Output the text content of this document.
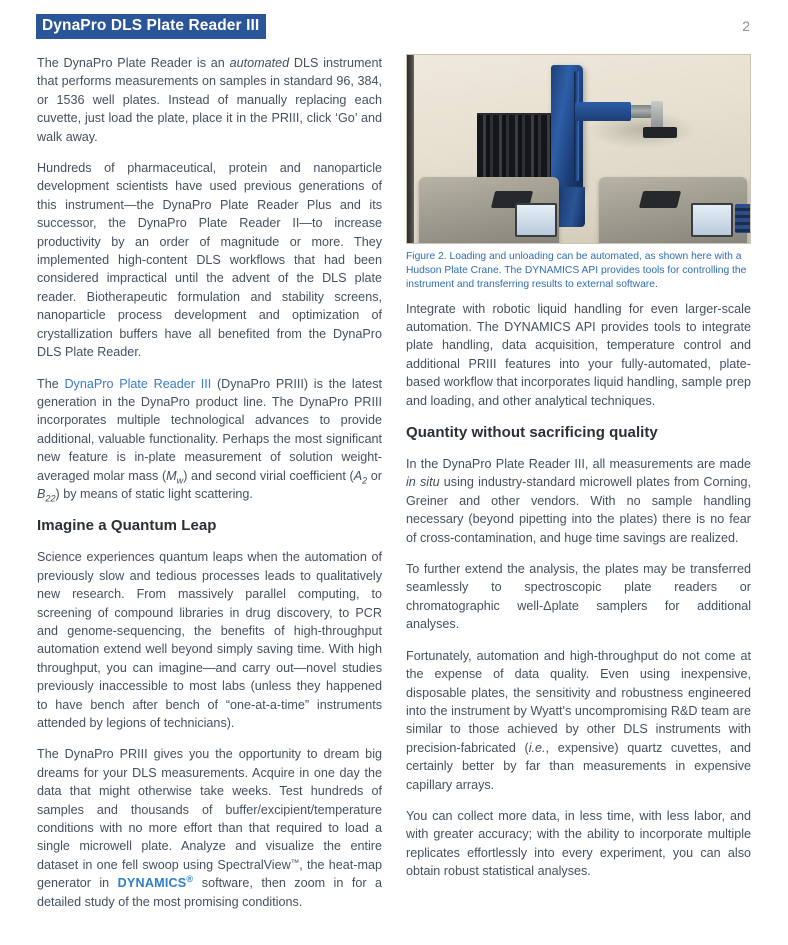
DynaPro DLS Plate Reader III	2

The DynaPro Plate Reader is an automated DLS instrument that performs measurements on samples in standard 96, 384, or 1536 well plates. Instead of manually replacing each cuvette, just load the plate, place it in the PRIII, click ‘Go’ and walk away.

Hundreds of pharmaceutical, protein and nanoparticle development scientists have used previous generations of this instrument—the DynaPro Plate Reader Plus and its successor, the DynaPro Plate Reader II—to increase productivity by an order of magnitude or more. They implemented high-content DLS workflows that had been considered impractical until the advent of the DLS plate reader. Biotherapeutic formulation and stability screens, nanoparticle process development and optimization of crystallization buffers have all benefited from the DynaPro DLS Plate Reader.

The DynaPro Plate Reader III (DynaPro PRIII) is the latest generation in the DynaPro product line. The DynaPro PRIII incorporates multiple technological advances to provide additional, valuable functionality. Perhaps the most significant new feature is in-plate measurement of solution weight-averaged molar mass $(M_w)$ and second virial coefficient ($A_2$ or $B_{22}$) by means of static light scattering.

Imagine a Quantum Leap

Science experiences quantum leaps when the automation of previously slow and tedious processes leads to qualitatively new research. From massively parallel computing, to screening of compound libraries in drug discovery, to PCR and genome-sequencing, the benefits of high-throughput automation extend well beyond simply saving time. With high throughput, you can imagine—and carry out—novel studies previously inaccessible to most labs (unless they happened to have bench after bench of “one-at-a-time” instruments attended by legions of technicians).

The DynaPro PRIII gives you the opportunity to dream big dreams for your DLS measurements. Acquire in one day the data that might otherwise take weeks. Test hundreds of samples and thousands of buffer/excipient/temperature conditions with no more effort than that required to load a single microwell plate. Analyze and visualize the entire dataset in one fell swoop using SpectralView™, the heat-map generator in DYNAMICS® software, then zoom in for a detailed study of the most promising conditions.

Figure 2. Loading and unloading can be automated, as shown here with a Hudson Plate Crane. The DYNAMICS API provides tools for controlling the instrument and transferring results to external software.

Integrate with robotic liquid handling for even larger-scale automation. The DYNAMICS API provides tools to integrate plate handling, data acquisition, temperature control and additional PRIII features into your fully-automated, plate-based workflow that incorporates liquid handling, sample prep and loading, and other analytical techniques.

Quantity without sacrificing quality

In the DynaPro Plate Reader III, all measurements are made in situ using industry-standard microwell plates from Corning, Greiner and other vendors. With no sample handling necessary (beyond pipetting into the plates) there is no fear of cross-contamination, and huge time savings are realized.

To further extend the analysis, the plates may be transferred seamlessly to spectroscopic plate readers or chromatographic well-Δplate samplers for additional analyses.

Fortunately, automation and high-throughput do not come at the expense of data quality. Even using inexpensive, disposable plates, the sensitivity and robustness engineered into the instrument by Wyatt's uncompromising R&D team are similar to those achieved by other DLS instruments with precision-fabricated (i.e., expensive) quartz cuvettes, and certainly better by far than measurements in expensive capillary arrays.

You can collect more data, in less time, with less labor, and with greater accuracy; with the ability to incorporate multiple replicates effortlessly into every experiment, you can also obtain robust statistical analyses.
